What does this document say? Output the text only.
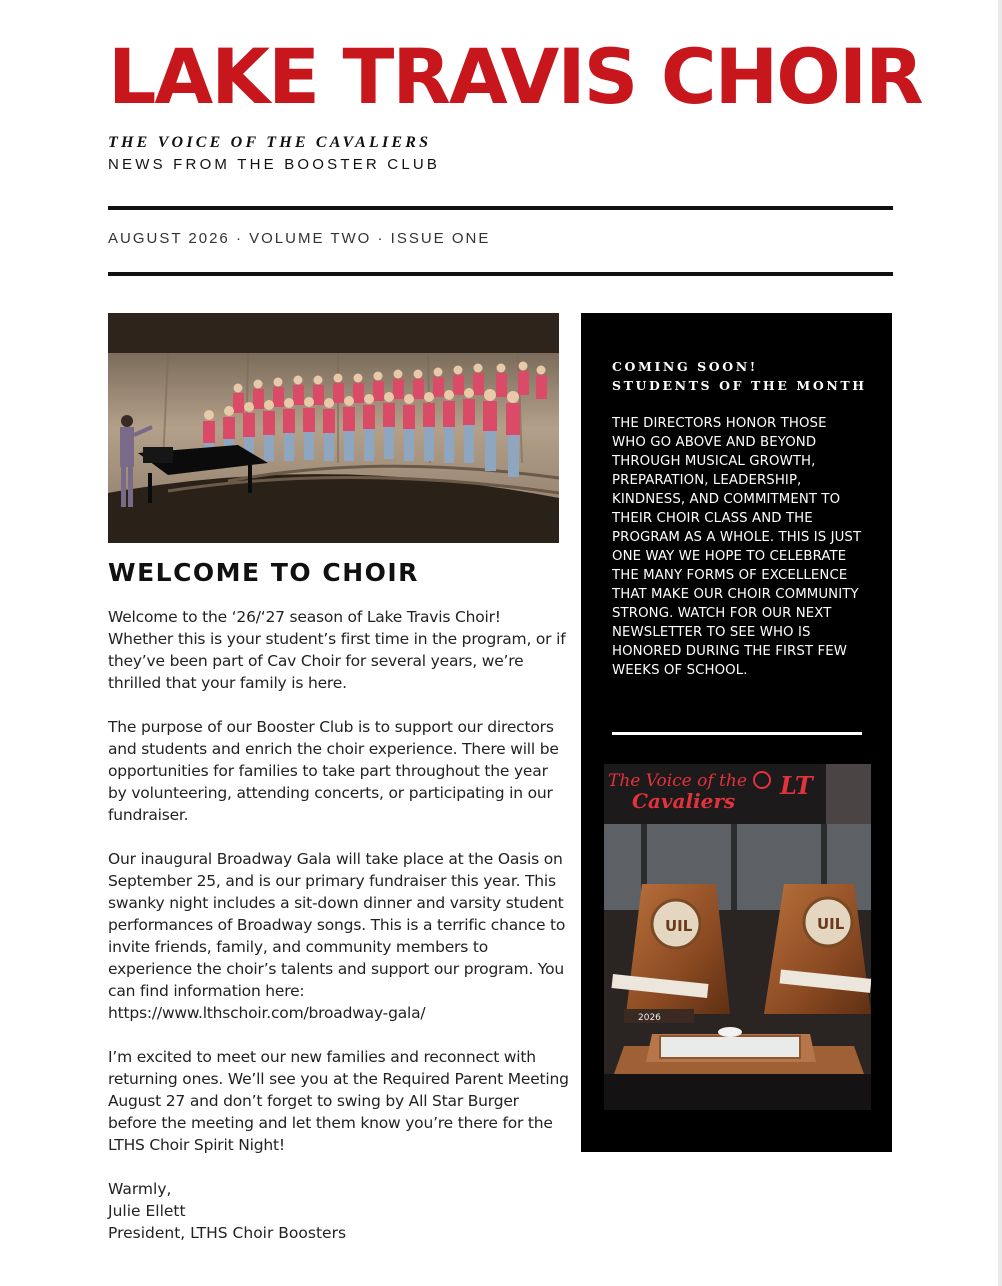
LAKE TRAVIS CHOIR
THE VOICE OF THE CAVALIERS
NEWS FROM THE BOOSTER CLUB
AUGUST 2026 · VOLUME TWO · ISSUE ONE
WELCOME TO CHOIR

Welcome to the ‘26/‘27 season of Lake Travis Choir! Whether this is your student’s first time in the program, or if they’ve been part of Cav Choir for several years, we’re thrilled that your family is here.

The purpose of our Booster Club is to support our directors and students and enrich the choir experience. There will be opportunities for families to take part throughout the year by volunteering, attending concerts, or participating in our fundraiser.

Our inaugural Broadway Gala will take place at the Oasis on September 25, and is our primary fundraiser this year. This swanky night includes a sit-down dinner and varsity student performances of Broadway songs. This is a terrific chance to invite friends, family, and community members to experience the choir’s talents and support our program. You can find information here: https://www.lthschoir.com/broadway-gala/

I’m excited to meet our new families and reconnect with returning ones. We’ll see you at the Required Parent Meeting August 27 and don’t forget to swing by All Star Burger before the meeting and let them know you’re there for the LTHS Choir Spirit Night!

Warmly,
Julie Ellett
President, LTHS Choir Boosters
COMING SOON!
STUDENTS OF THE MONTH
THE DIRECTORS HONOR THOSE WHO GO ABOVE AND BEYOND THROUGH MUSICAL GROWTH, PREPARATION, LEADERSHIP, KINDNESS, AND COMMITMENT TO THEIR CHOIR CLASS AND THE PROGRAM AS A WHOLE. THIS IS JUST ONE WAY WE HOPE TO CELEBRATE THE MANY FORMS OF EXCELLENCE THAT MAKE OUR CHOIR COMMUNITY STRONG. WATCH FOR OUR NEXT NEWSLETTER TO SEE WHO IS HONORED DURING THE FIRST FEW WEEKS OF SCHOOL.
The Voice of the
Cavaliers
LT
UIL
2026
UIL
